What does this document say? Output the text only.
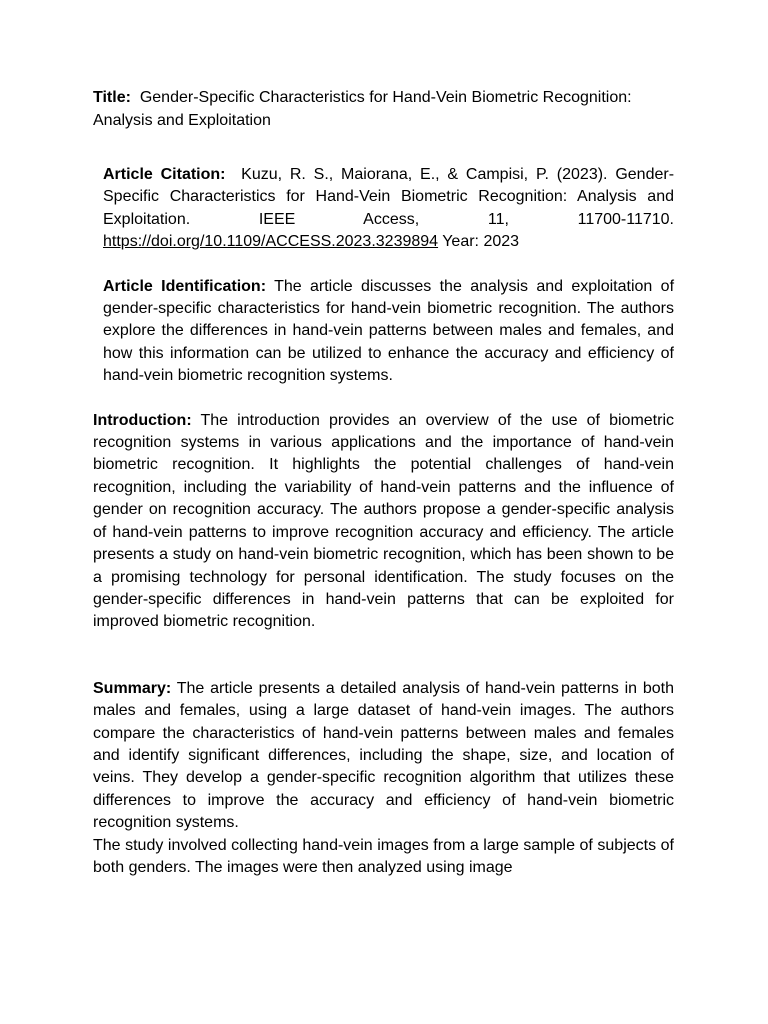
Title: Gender-Specific Characteristics for Hand-Vein Biometric Recognition: Analysis and Exploitation

Article Citation: Kuzu, R. S., Maiorana, E., & Campisi, P. (2023). Gender-Specific Characteristics for Hand-Vein Biometric Recognition: Analysis and Exploitation. IEEE Access, 11, 11700-11710. https://doi.org/10.1109/ACCESS.2023.3239894 Year: 2023

Article Identification: The article discusses the analysis and exploitation of gender-specific characteristics for hand-vein biometric recognition. The authors explore the differences in hand-vein patterns between males and females, and how this information can be utilized to enhance the accuracy and efficiency of hand-vein biometric recognition systems.

Introduction: The introduction provides an overview of the use of biometric recognition systems in various applications and the importance of hand-vein biometric recognition. It highlights the potential challenges of hand-vein recognition, including the variability of hand-vein patterns and the influence of gender on recognition accuracy. The authors propose a gender-specific analysis of hand-vein patterns to improve recognition accuracy and efficiency. The article presents a study on hand-vein biometric recognition, which has been shown to be a promising technology for personal identification. The study focuses on the gender-specific differences in hand-vein patterns that can be exploited for improved biometric recognition.

Summary: The article presents a detailed analysis of hand-vein patterns in both males and females, using a large dataset of hand-vein images. The authors compare the characteristics of hand-vein patterns between males and females and identify significant differences, including the shape, size, and location of veins. They develop a gender-specific recognition algorithm that utilizes these differences to improve the accuracy and efficiency of hand-vein biometric recognition systems.

The study involved collecting hand-vein images from a large sample of subjects of both genders. The images were then analyzed using image
